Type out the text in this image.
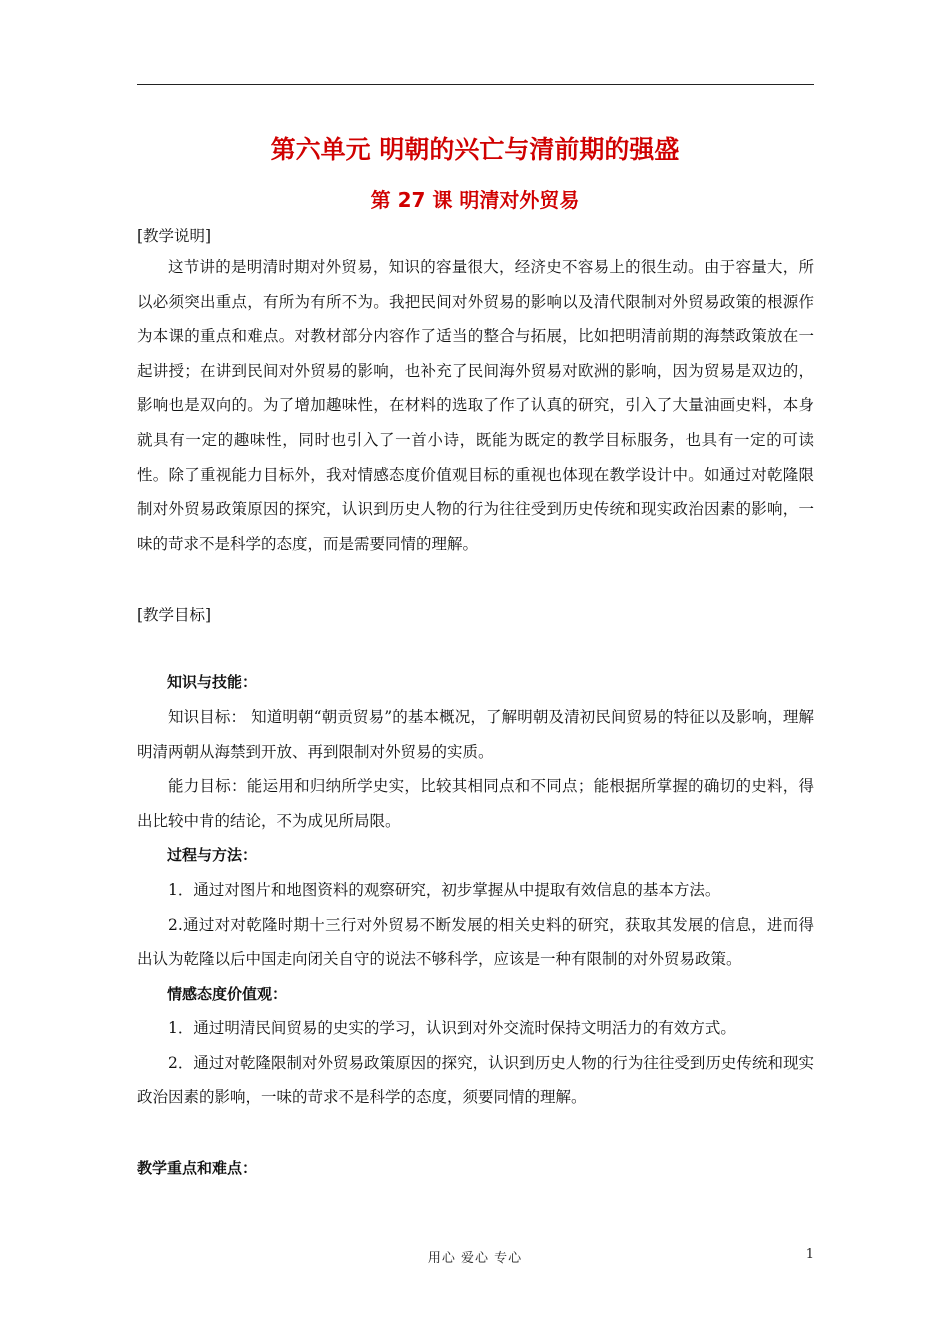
第六单元 明朝的兴亡与清前期的强盛
第 27 课 明清对外贸易
[教学说明]

这节讲的是明清时期对外贸易，知识的容量很大，经济史不容易上的很生动。由于容量大，所以必须突出重点，有所为有所不为。我把民间对外贸易的影响以及清代限制对外贸易政策的根源作为本课的重点和难点。对教材部分内容作了适当的整合与拓展，比如把明清前期的海禁政策放在一起讲授；在讲到民间对外贸易的影响，也补充了民间海外贸易对欧洲的影响，因为贸易是双边的，影响也是双向的。为了增加趣味性，在材料的选取了作了认真的研究，引入了大量油画史料，本身就具有一定的趣味性，同时也引入了一首小诗，既能为既定的教学目标服务，也具有一定的可读性。除了重视能力目标外，我对情感态度价值观目标的重视也体现在教学设计中。如通过对乾隆限制对外贸易政策原因的探究，认识到历史人物的行为往往受到历史传统和现实政治因素的影响，一味的苛求不是科学的态度，而是需要同情的理解。

[教学目标]
知识与技能：

知识目标： 知道明朝“朝贡贸易”的基本概况，了解明朝及清初民间贸易的特征以及影响，理解明清两朝从海禁到开放、再到限制对外贸易的实质。

能力目标：能运用和归纳所学史实，比较其相同点和不同点；能根据所掌握的确切的史料，得出比较中肯的结论，不为成见所局限。

过程与方法：

1．通过对图片和地图资料的观察研究，初步掌握从中提取有效信息的基本方法。

2.通过对对乾隆时期十三行对外贸易不断发展的相关史料的研究，获取其发展的信息，进而得出认为乾隆以后中国走向闭关自守的说法不够科学，应该是一种有限制的对外贸易政策。

情感态度价值观：

1．通过明清民间贸易的史实的学习，认识到对外交流时保持文明活力的有效方式。

2．通过对乾隆限制对外贸易政策原因的探究，认识到历史人物的行为往往受到历史传统和现实政治因素的影响，一味的苛求不是科学的态度，须要同情的理解。

教学重点和难点：
用心 爱心 专心	1
